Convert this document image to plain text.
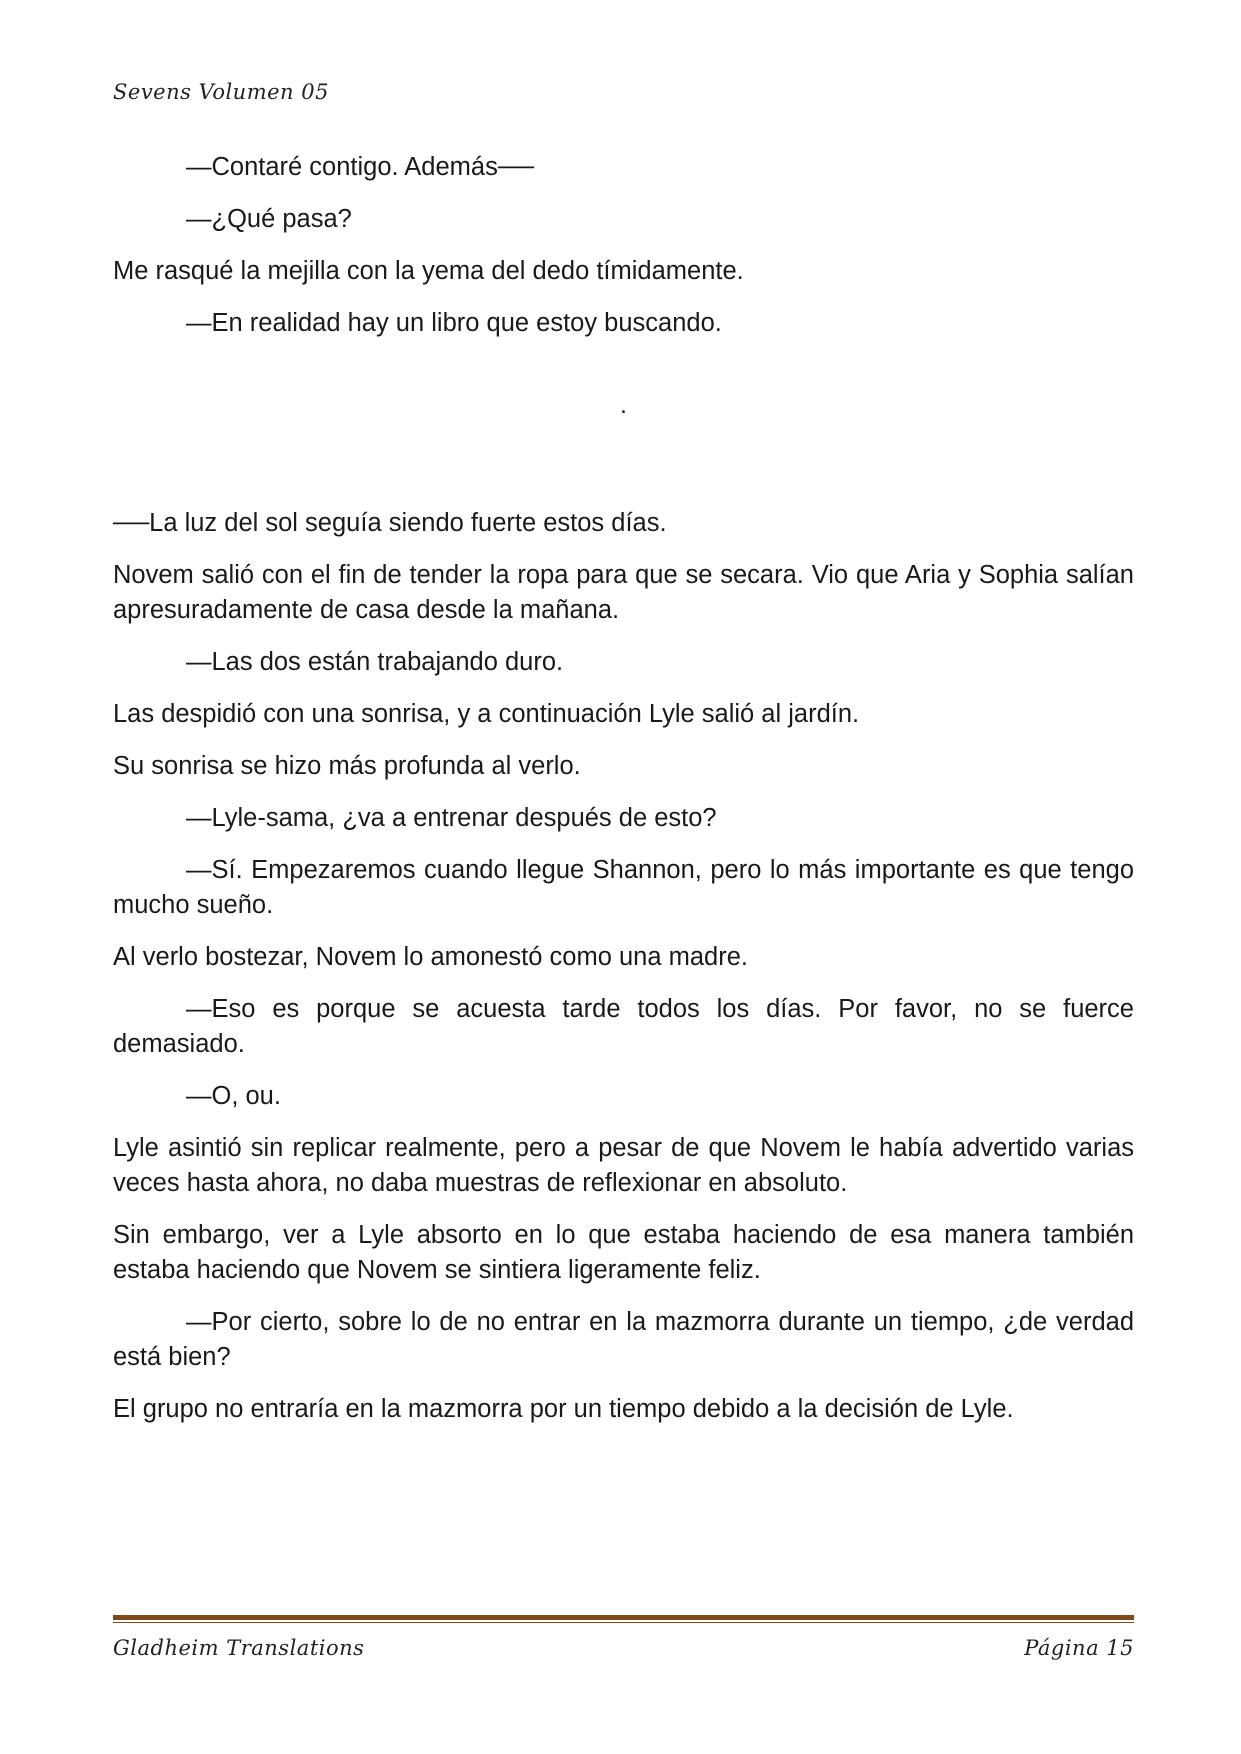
Sevens Volumen 05

—Contaré contigo. Además──

—¿Qué pasa?

Me rasqué la mejilla con la yema del dedo tímidamente.

—En realidad hay un libro que estoy buscando.

.

──La luz del sol seguía siendo fuerte estos días.

Novem salió con el fin de tender la ropa para que se secara. Vio que Aria y Sophia salían apresuradamente de casa desde la mañana.

—Las dos están trabajando duro.

Las despidió con una sonrisa, y a continuación Lyle salió al jardín.

Su sonrisa se hizo más profunda al verlo.

—Lyle-sama, ¿va a entrenar después de esto?

—Sí. Empezaremos cuando llegue Shannon, pero lo más importante es que tengo mucho sueño.

Al verlo bostezar, Novem lo amonestó como una madre.

—Eso es porque se acuesta tarde todos los días. Por favor, no se fuerce demasiado.

—O, ou.

Lyle asintió sin replicar realmente, pero a pesar de que Novem le había advertido varias veces hasta ahora, no daba muestras de reflexionar en absoluto.

Sin embargo, ver a Lyle absorto en lo que estaba haciendo de esa manera también estaba haciendo que Novem se sintiera ligeramente feliz.

—Por cierto, sobre lo de no entrar en la mazmorra durante un tiempo, ¿de verdad está bien?

El grupo no entraría en la mazmorra por un tiempo debido a la decisión de Lyle.

Gladheim Translations	Página 15
